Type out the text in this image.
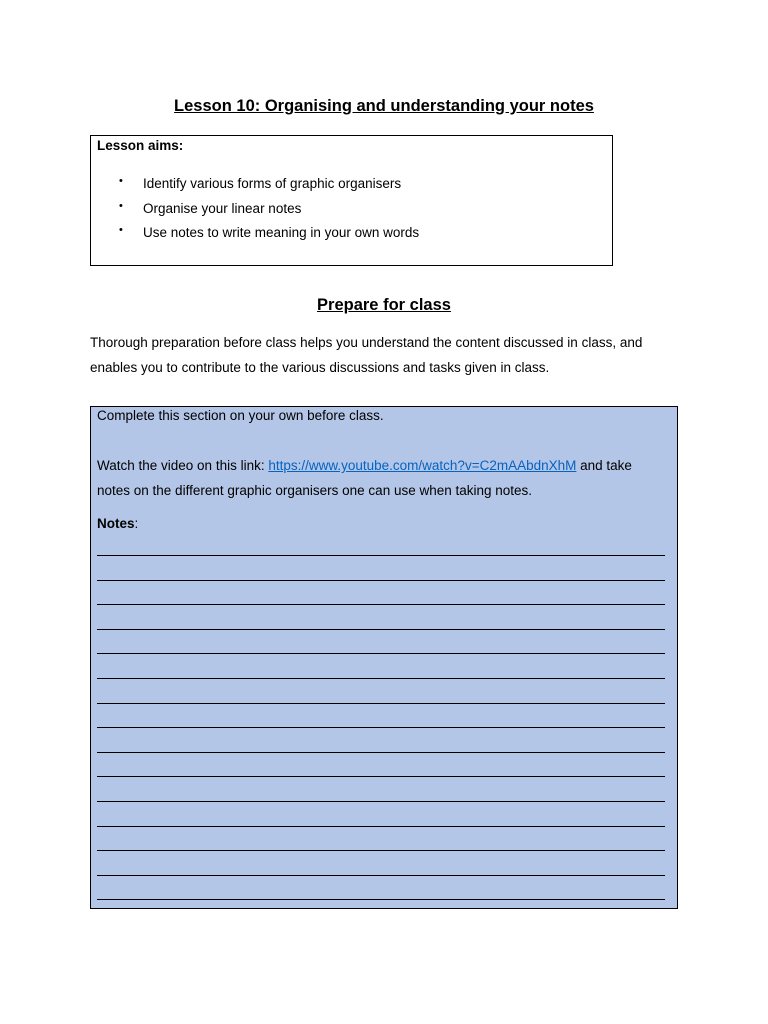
Lesson 10: Organising and understanding your notes
Lesson aims:
• Identify various forms of graphic organisers
• Organise your linear notes
• Use notes to write meaning in your own words
Prepare for class
Thorough preparation before class helps you understand the content discussed in class, and enables you to contribute to the various discussions and tasks given in class.
Complete this section on your own before class.
Watch the video on this link: https://www.youtube.com/watch?v=C2mAAbdnXhM and take notes on the different graphic organisers one can use when taking notes.
Notes:
